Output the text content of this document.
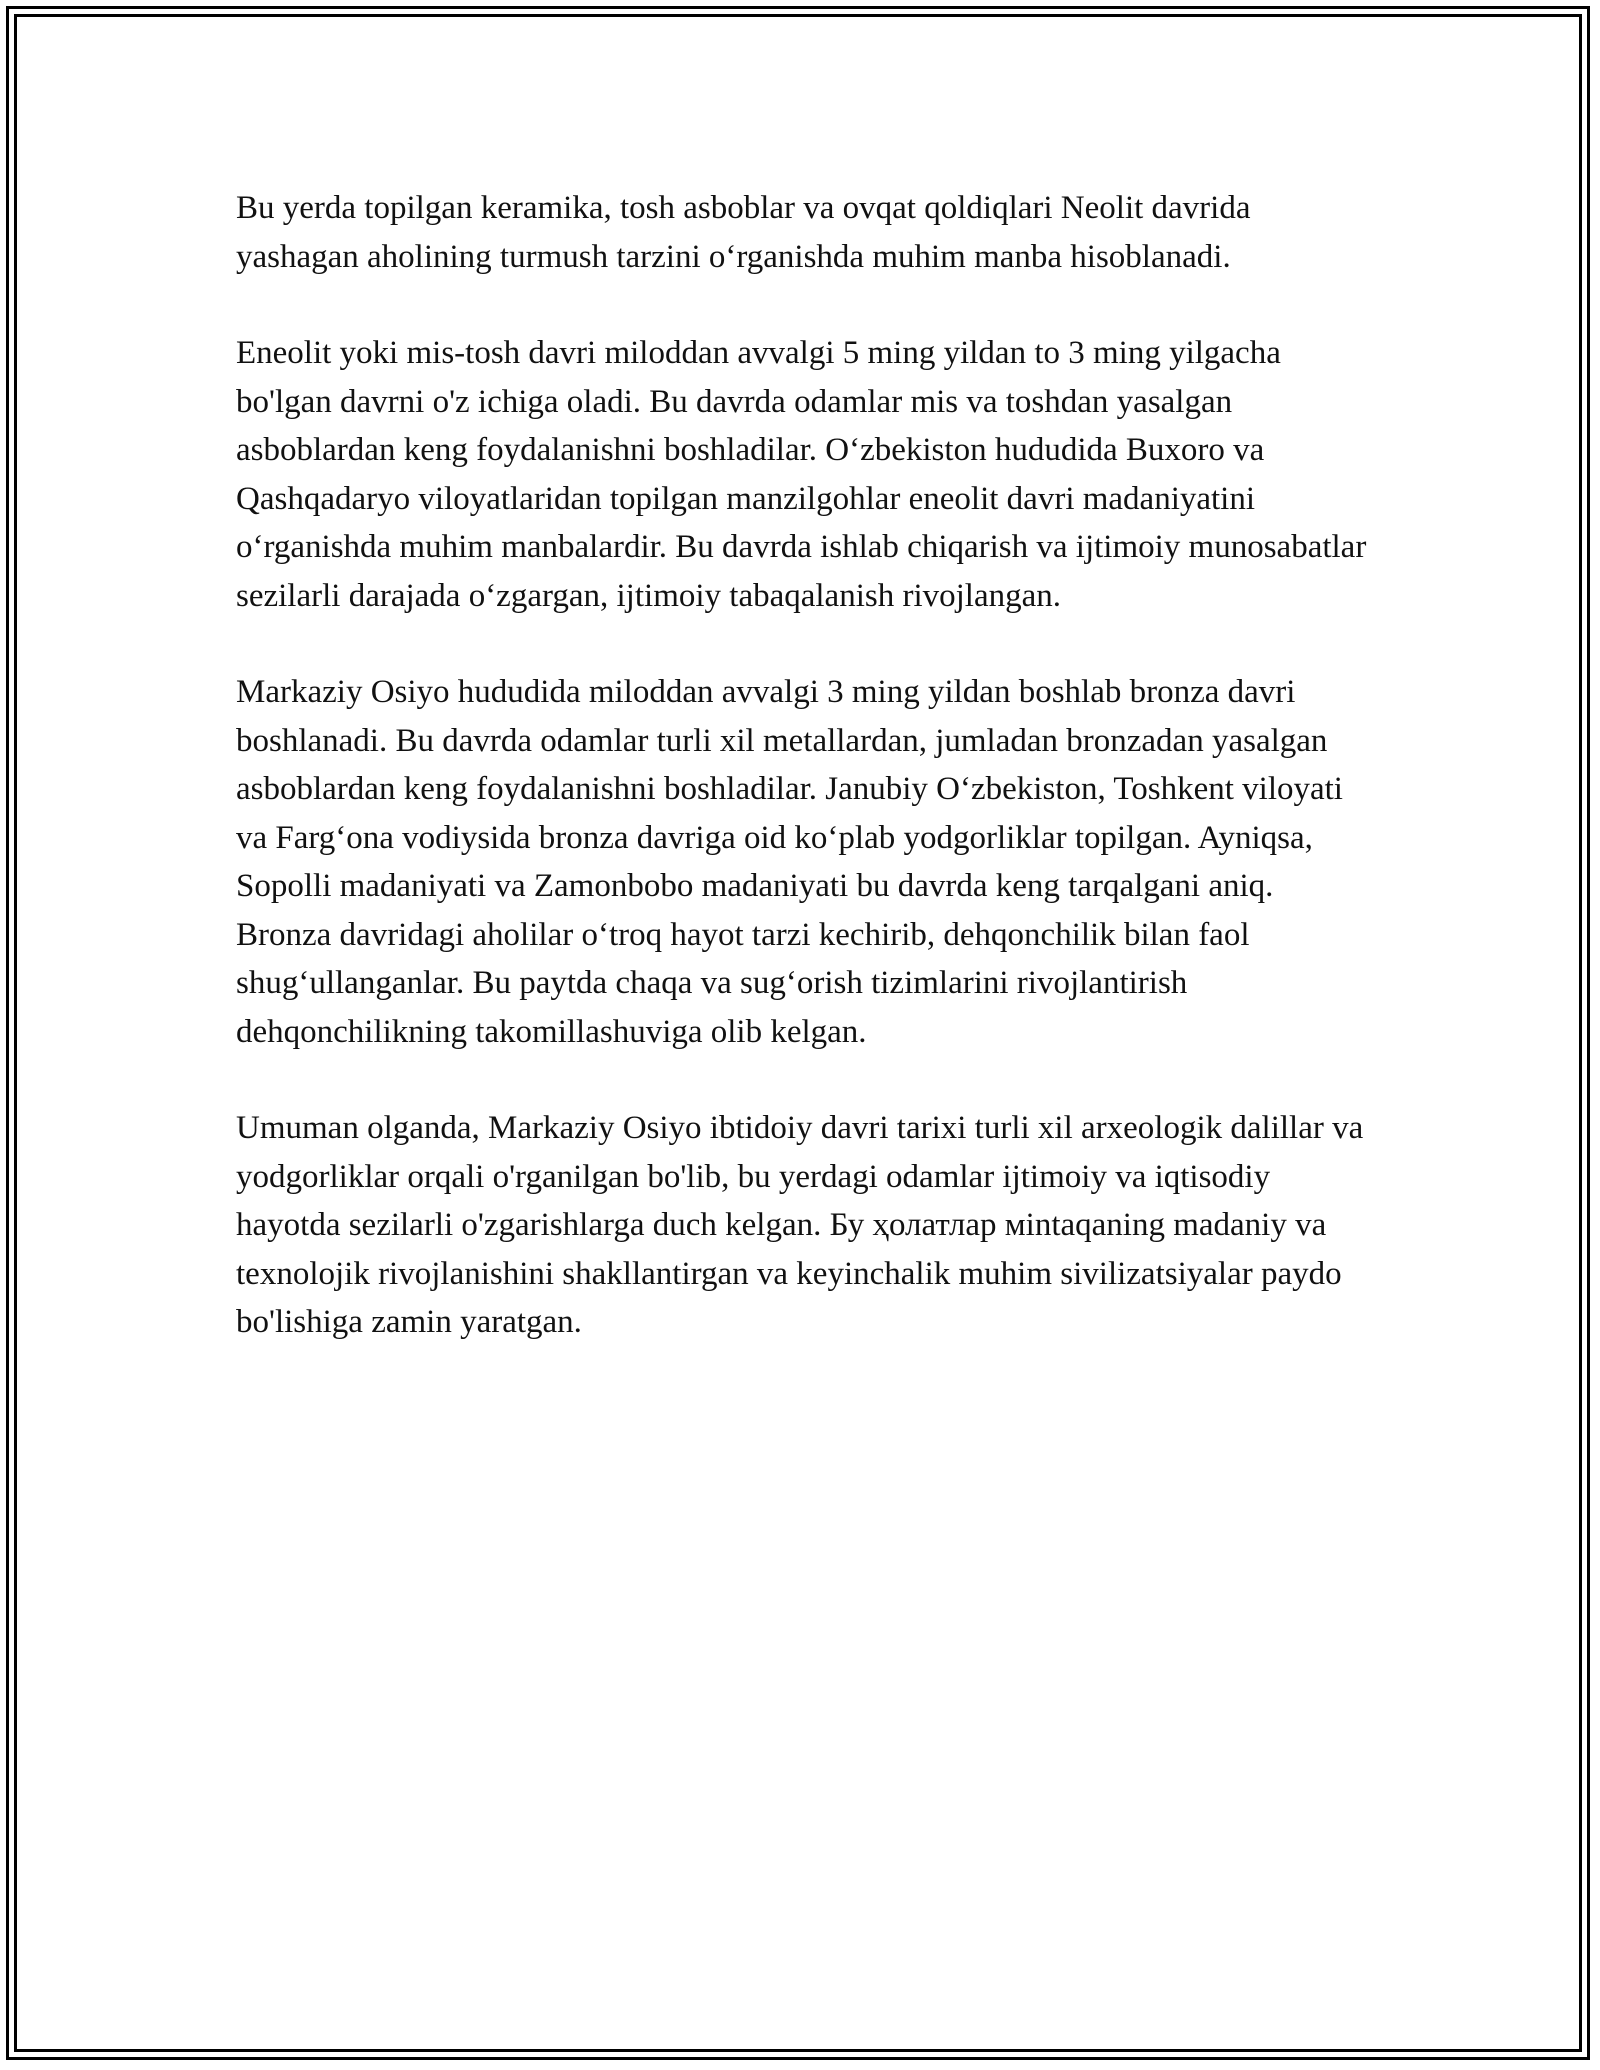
Bu yerda topilgan keramika, tosh asboblar va ovqat qoldiqlari Neolit davrida yashagan aholining turmush tarzini oʻrganishda muhim manba hisoblanadi.

Eneolit yoki mis-tosh davri miloddan avvalgi 5 ming yildan to 3 ming yilgacha bo'lgan davrni o'z ichiga oladi. Bu davrda odamlar mis va toshdan yasalgan asboblardan keng foydalanishni boshladilar. Oʻzbekiston hududida Buxoro va Qashqadaryo viloyatlaridan topilgan manzilgohlar eneolit davri madaniyatini oʻrganishda muhim manbalardir. Bu davrda ishlab chiqarish va ijtimoiy munosabatlar sezilarli darajada oʻzgargan, ijtimoiy tabaqalanish rivojlangan.

Markaziy Osiyo hududida miloddan avvalgi 3 ming yildan boshlab bronza davri boshlanadi. Bu davrda odamlar turli xil metallardan, jumladan bronzadan yasalgan asboblardan keng foydalanishni boshladilar. Janubiy Oʻzbekiston, Toshkent viloyati va Fargʻona vodiysida bronza davriga oid koʻplab yodgorliklar topilgan. Ayniqsa, Sopolli madaniyati va Zamonbobo madaniyati bu davrda keng tarqalgani aniq. Bronza davridagi aholilar oʻtroq hayot tarzi kechirib, dehqonchilik bilan faol shugʻullanganlar. Bu paytda chaqa va sugʻorish tizimlarini rivojlantirish dehqonchilikning takomillashuviga olib kelgan.

Umuman olganda, Markaziy Osiyo ibtidoiy davri tarixi turli xil arxeologik dalillar va yodgorliklar orqali o'rganilgan bo'lib, bu yerdagi odamlar ijtimoiy va iqtisodiy hayotda sezilarli o'zgarishlarga duch kelgan. Бу ҳолатлар мintaqaning madaniy va texnolojik rivojlanishini shakllantirgan va keyinchalik muhim sivilizatsiyalar paydo bo'lishiga zamin yaratgan.
